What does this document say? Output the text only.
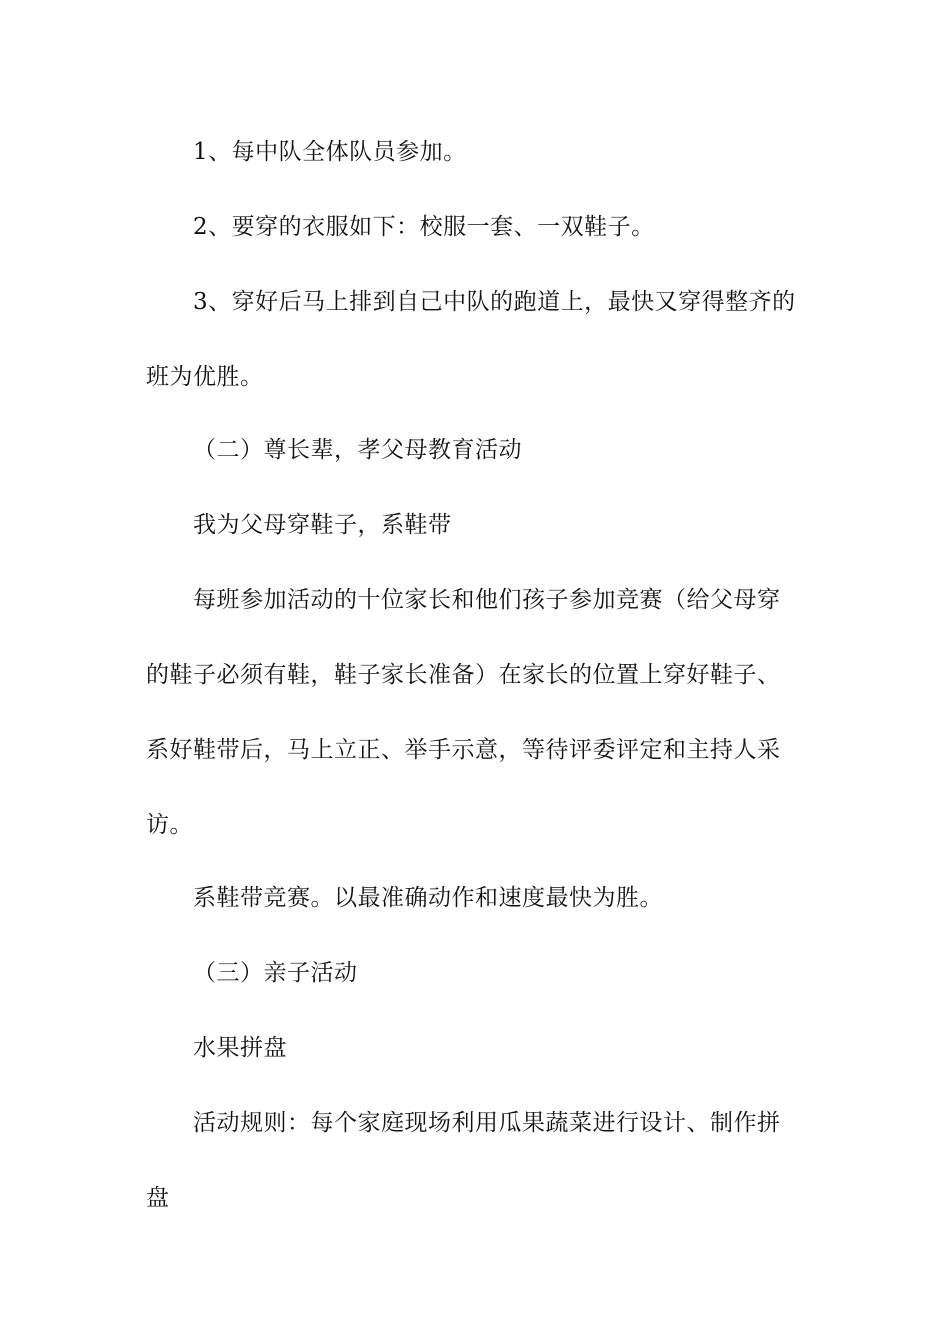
1、每中队全体队员参加。
2、要穿的衣服如下：校服一套、一双鞋子。
3、穿好后马上排到自己中队的跑道上，最快又穿得整齐的
班为优胜。
（二）尊长辈，孝父母教育活动
我为父母穿鞋子，系鞋带
每班参加活动的十位家长和他们孩子参加竞赛（给父母穿
的鞋子必须有鞋，鞋子家长准备）在家长的位置上穿好鞋子、
系好鞋带后，马上立正、举手示意，等待评委评定和主持人采
访。
系鞋带竞赛。以最准确动作和速度最快为胜。
（三）亲子活动
水果拼盘
活动规则：每个家庭现场利用瓜果蔬菜进行设计、制作拼
盘
